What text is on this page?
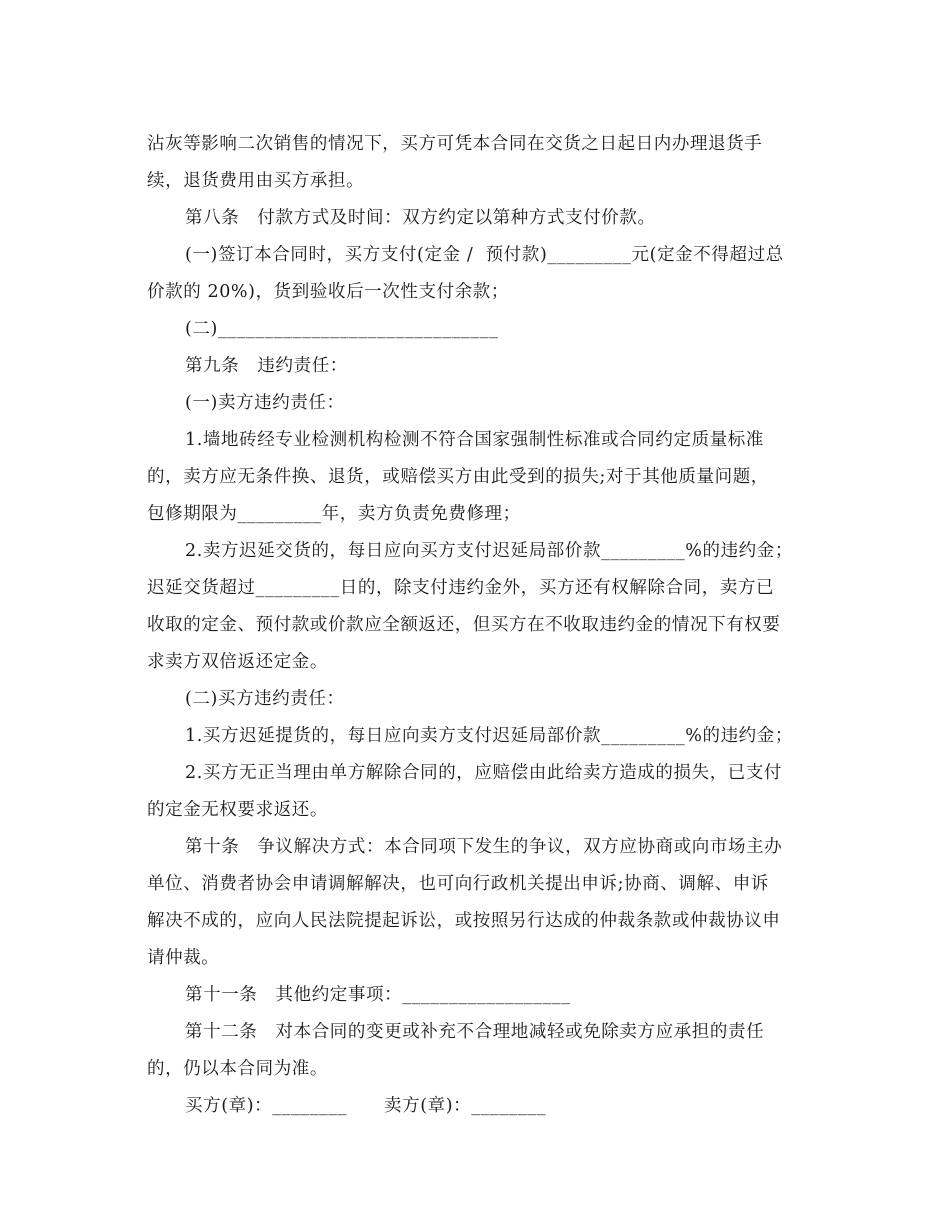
沾灰等影响二次销售的情况下，买方可凭本合同在交货之日起日内办理退货手
续，退货费用由买方承担。
第八条　付款方式及时间：双方约定以第种方式支付价款。
(一)签订本合同时，买方支付(定金 /  预付款)_________元(定金不得超过总
价款的 20%)，货到验收后一次性支付余款；
(二)______________________________
第九条　违约责任：
(一)卖方违约责任：
1.墙地砖经专业检测机构检测不符合国家强制性标准或合同约定质量标准
的，卖方应无条件换、退货，或赔偿买方由此受到的损失;对于其他质量问题，
包修期限为_________年，卖方负责免费修理；
2.卖方迟延交货的，每日应向买方支付迟延局部价款_________%的违约金；
迟延交货超过_________日的，除支付违约金外，买方还有权解除合同，卖方已
收取的定金、预付款或价款应全额返还，但买方在不收取违约金的情况下有权要
求卖方双倍返还定金。
(二)买方违约责任：
1.买方迟延提货的，每日应向卖方支付迟延局部价款_________%的违约金；
2.买方无正当理由单方解除合同的，应赔偿由此给卖方造成的损失，已支付
的定金无权要求返还。
第十条　争议解决方式：本合同项下发生的争议，双方应协商或向市场主办
单位、消费者协会申请调解解决，也可向行政机关提出申诉;协商、调解、申诉
解决不成的，应向人民法院提起诉讼，或按照另行达成的仲裁条款或仲裁协议申
请仲裁。
第十一条　其他约定事项：__________________
第十二条　对本合同的变更或补充不合理地减轻或免除卖方应承担的责任
的，仍以本合同为准。
买方(章)：________      卖方(章)：________
